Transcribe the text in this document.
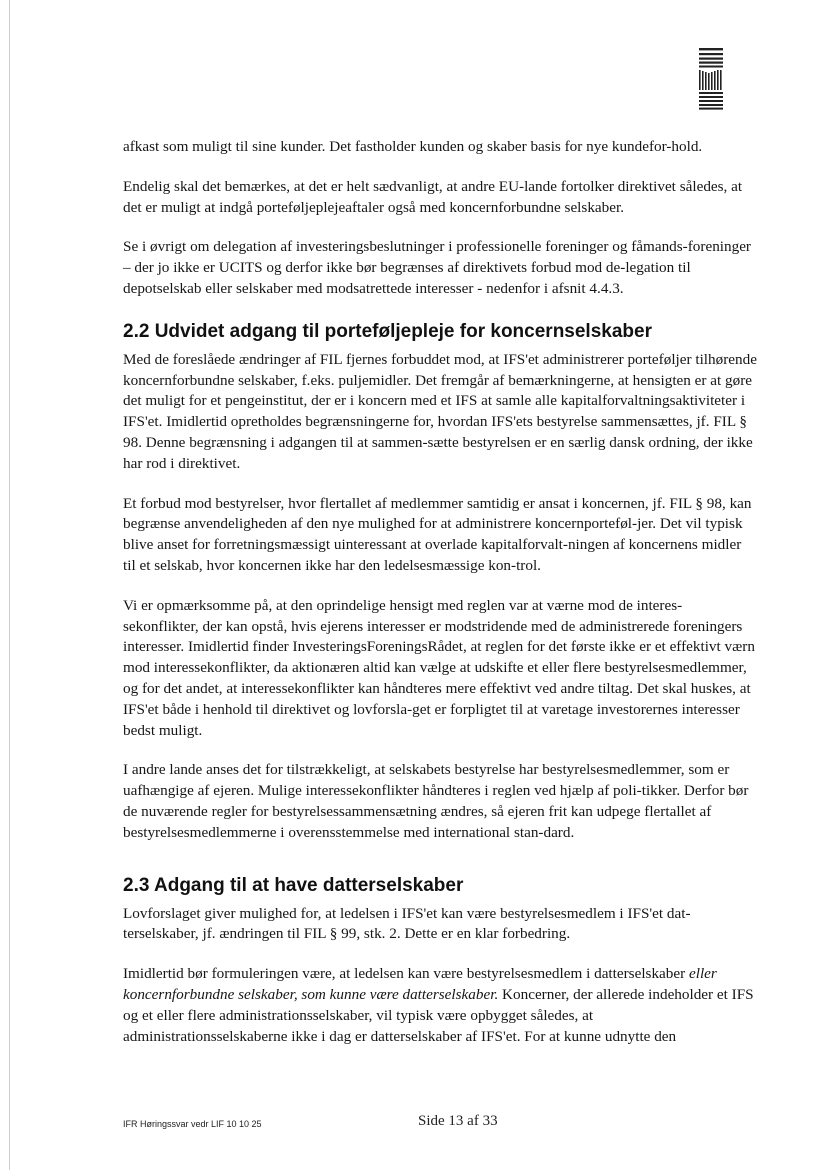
afkast som muligt til sine kunder. Det fastholder kunden og skaber basis for nye kundefor-hold.

Endelig skal det bemærkes, at det er helt sædvanligt, at andre EU-lande fortolker direktivet således, at det er muligt at indgå porteføljeplejeaftaler også med koncernforbundne selskaber.

Se i øvrigt om delegation af investeringsbeslutninger i professionelle foreninger og fåmands-foreninger – der jo ikke er UCITS og derfor ikke bør begrænses af direktivets forbud mod de-legation til depotselskab eller selskaber med modsatrettede interesser - nedenfor i afsnit 4.4.3.

2.2 Udvidet adgang til porteføljepleje for koncernselskaber

Med de foreslåede ændringer af FIL fjernes forbuddet mod, at IFS'et administrerer porteføljer tilhørende koncernforbundne selskaber, f.eks. puljemidler. Det fremgår af bemærkningerne, at hensigten er at gøre det muligt for et pengeinstitut, der er i koncern med et IFS at samle alle kapitalforvaltningsaktiviteter i IFS'et. Imidlertid opretholdes begrænsningerne for, hvordan IFS'ets bestyrelse sammensættes, jf. FIL § 98. Denne begrænsning i adgangen til at sammen-sætte bestyrelsen er en særlig dansk ordning, der ikke har rod i direktivet.

Et forbud mod bestyrelser, hvor flertallet af medlemmer samtidig er ansat i koncernen, jf. FIL § 98, kan begrænse anvendeligheden af den nye mulighed for at administrere koncernporteføl-jer. Det vil typisk blive anset for forretningsmæssigt uinteressant at overlade kapitalforvalt-ningen af koncernens midler til et selskab, hvor koncernen ikke har den ledelsesmæssige kon-trol.

Vi er opmærksomme på, at den oprindelige hensigt med reglen var at værne mod de interes-sekonflikter, der kan opstå, hvis ejerens interesser er modstridende med de administrerede foreningers interesser. Imidlertid finder InvesteringsForeningsRådet, at reglen for det første ikke er et effektivt værn mod interessekonflikter, da aktionæren altid kan vælge at udskifte et eller flere bestyrelsesmedlemmer, og for det andet, at interessekonflikter kan håndteres mere effektivt ved andre tiltag. Det skal huskes, at IFS'et både i henhold til direktivet og lovforsla-get er forpligtet til at varetage investorernes interesser bedst muligt.

I andre lande anses det for tilstrækkeligt, at selskabets bestyrelse har bestyrelsesmedlemmer, som er uafhængige af ejeren. Mulige interessekonflikter håndteres i reglen ved hjælp af poli-tikker. Derfor bør de nuværende regler for bestyrelsessammensætning ændres, så ejeren frit kan udpege flertallet af bestyrelsesmedlemmerne i overensstemmelse med international stan-dard.

2.3 Adgang til at have datterselskaber

Lovforslaget giver mulighed for, at ledelsen i IFS'et kan være bestyrelsesmedlem i IFS'et dat-terselskaber, jf. ændringen til FIL § 99, stk. 2. Dette er en klar forbedring.

Imidlertid bør formuleringen være, at ledelsen kan være bestyrelsesmedlem i datterselskaber eller koncernforbundne selskaber, som kunne være datterselskaber. Koncerner, der allerede indeholder et IFS og et eller flere administrationsselskaber, vil typisk være opbygget således, at administrationsselskaberne ikke i dag er datterselskaber af IFS'et. For at kunne udnytte den

IFR Høringssvar vedr LIF 10 10 25	Side 13 af 33
